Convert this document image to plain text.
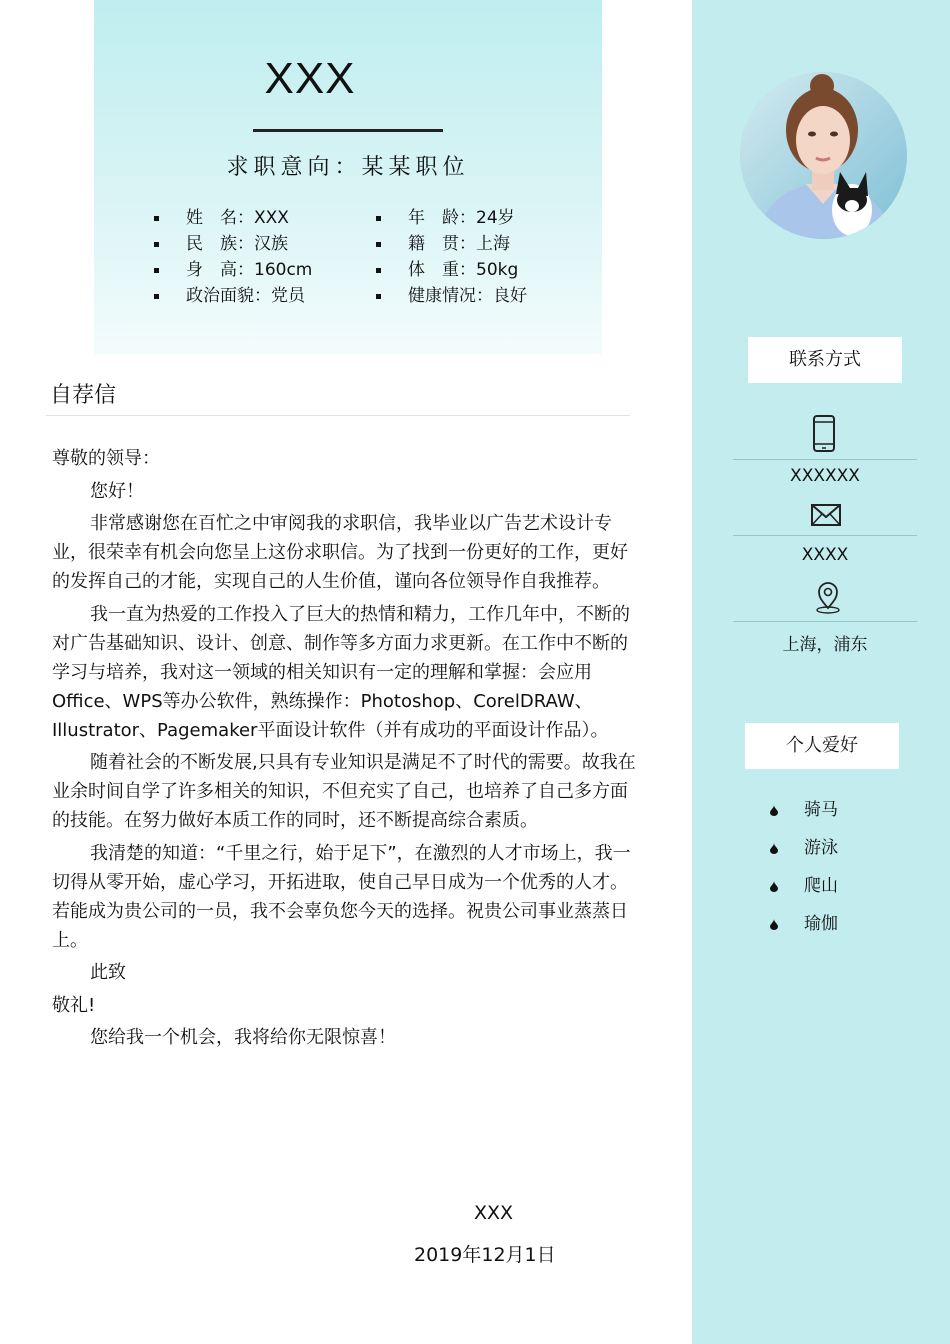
XXX
求职意向：某某职位
姓　名：XXX
民　族：汉族
身　高：160cm
政治面貌：党员
年　龄：24岁
籍　贯：上海
体　重：50kg
健康情况：良好
自荐信

尊敬的领导：

您好！

非常感谢您在百忙之中审阅我的求职信，我毕业以广告艺术设计专业，很荣幸有机会向您呈上这份求职信。为了找到一份更好的工作，更好的发挥自己的才能，实现自己的人生价值，谨向各位领导作自我推荐。

我一直为热爱的工作投入了巨大的热情和精力，工作几年中，不断的对广告基础知识、设计、创意、制作等多方面力求更新。在工作中不断的学习与培养，我对这一领域的相关知识有一定的理解和掌握：会应用Office、WPS等办公软件，熟练操作：Photoshop、CorelDRAW、Illustrator、Pagemaker平面设计软件（并有成功的平面设计作品）。

随着社会的不断发展,只具有专业知识是满足不了时代的需要。故我在业余时间自学了许多相关的知识，不但充实了自己，也培养了自己多方面的技能。在努力做好本质工作的同时，还不断提高综合素质。

我清楚的知道：“千里之行，始于足下”，在激烈的人才市场上，我一切得从零开始，虚心学习，开拓进取，使自己早日成为一个优秀的人才。若能成为贵公司的一员，我不会辜负您今天的选择。祝贵公司事业蒸蒸日上。

此致

敬礼!

您给我一个机会，我将给你无限惊喜！

XXX
2019年12月1日
联系方式
XXXXXX
XXXX
上海，浦东
个人爱好
骑马
游泳
爬山
瑜伽
